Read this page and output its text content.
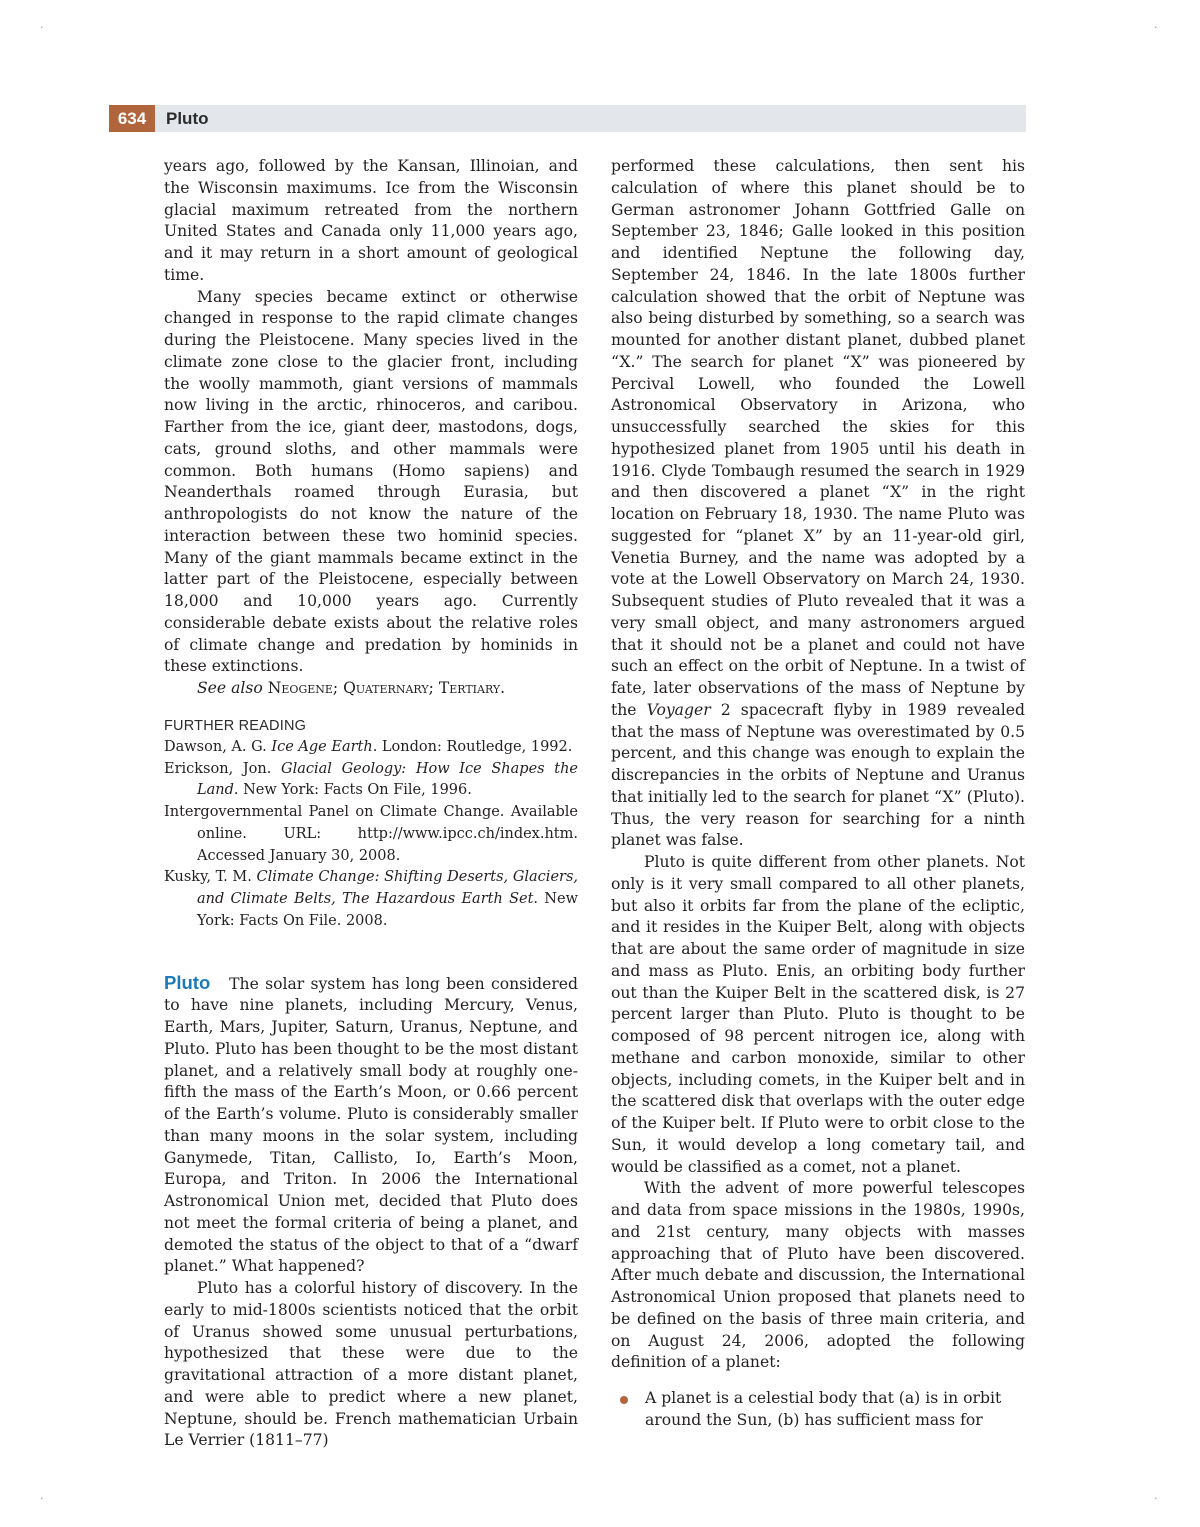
·	·
·	·
634	Pluto

years ago, followed by the Kansan, Illinoian, and the Wisconsin maximums. Ice from the Wisconsin glacial maximum retreated from the northern United States and Canada only 11,000 years ago, and it may return in a short amount of geological time.

Many species became extinct or otherwise changed in response to the rapid climate changes during the Pleistocene. Many species lived in the climate zone close to the glacier front, including the woolly mammoth, giant versions of mammals now living in the arctic, rhinoceros, and caribou. Farther from the ice, giant deer, mastodons, dogs, cats, ground sloths, and other mammals were common. Both humans (Homo sapiens) and Neanderthals roamed through Eurasia, but anthropologists do not know the nature of the interaction between these two hominid species. Many of the giant mammals became extinct in the latter part of the Pleistocene, especially between 18,000 and 10,000 years ago. Currently considerable debate exists about the relative roles of climate change and predation by hominids in these extinctions.

See also Neogene; Quaternary; Tertiary.

FURTHER READING

Dawson, A. G. Ice Age Earth. London: Routledge, 1992.

Erickson, Jon. Glacial Geology: How Ice Shapes the Land. New York: Facts On File, 1996.

Intergovernmental Panel on Climate Change. Available online. URL: http://www.ipcc.ch/index.htm. Accessed January 30, 2008.

Kusky, T. M. Climate Change: Shifting Deserts, Glaciers, and Climate Belts, The Hazardous Earth Set. New York: Facts On File. 2008.

Pluto The solar system has long been considered to have nine planets, including Mercury, Venus, Earth, Mars, Jupiter, Saturn, Uranus, Neptune, and Pluto. Pluto has been thought to be the most distant planet, and a relatively small body at roughly one-fifth the mass of the Earth’s Moon, or 0.66 percent of the Earth’s volume. Pluto is considerably smaller than many moons in the solar system, including Ganymede, Titan, Callisto, Io, Earth’s Moon, Europa, and Triton. In 2006 the International Astronomical Union met, decided that Pluto does not meet the formal criteria of being a planet, and demoted the status of the object to that of a “dwarf planet.” What happened?

Pluto has a colorful history of discovery. In the early to mid-1800s scientists noticed that the orbit of Uranus showed some unusual perturbations, hypothesized that these were due to the gravitational attraction of a more distant planet, and were able to predict where a new planet, Neptune, should be. French mathematician Urbain Le Verrier (1811–77)

performed these calculations, then sent his calculation of where this planet should be to German astronomer Johann Gottfried Galle on September 23, 1846; Galle looked in this position and identified Neptune the following day, September 24, 1846. In the late 1800s further calculation showed that the orbit of Neptune was also being disturbed by something, so a search was mounted for another distant planet, dubbed planet “X.” The search for planet “X” was pioneered by Percival Lowell, who founded the Lowell Astronomical Observatory in Arizona, who unsuccessfully searched the skies for this hypothesized planet from 1905 until his death in 1916. Clyde Tombaugh resumed the search in 1929 and then discovered a planet “X” in the right location on February 18, 1930. The name Pluto was suggested for “planet X” by an 11-year-old girl, Venetia Burney, and the name was adopted by a vote at the Lowell Observatory on March 24, 1930. Subsequent studies of Pluto revealed that it was a very small object, and many astronomers argued that it should not be a planet and could not have such an effect on the orbit of Neptune. In a twist of fate, later observations of the mass of Neptune by the Voyager 2 spacecraft flyby in 1989 revealed that the mass of Neptune was overestimated by 0.5 percent, and this change was enough to explain the discrepancies in the orbits of Neptune and Uranus that initially led to the search for planet “X” (Pluto). Thus, the very reason for searching for a ninth planet was false.

Pluto is quite different from other planets. Not only is it very small compared to all other planets, but also it orbits far from the plane of the ecliptic, and it resides in the Kuiper Belt, along with objects that are about the same order of magnitude in size and mass as Pluto. Enis, an orbiting body further out than the Kuiper Belt in the scattered disk, is 27 percent larger than Pluto. Pluto is thought to be composed of 98 percent nitrogen ice, along with methane and carbon monoxide, similar to other objects, including comets, in the Kuiper belt and in the scattered disk that overlaps with the outer edge of the Kuiper belt. If Pluto were to orbit close to the Sun, it would develop a long cometary tail, and would be classified as a comet, not a planet.

With the advent of more powerful telescopes and data from space missions in the 1980s, 1990s, and 21st century, many objects with masses approaching that of Pluto have been discovered. After much debate and discussion, the International Astronomical Union proposed that planets need to be defined on the basis of three main criteria, and on August 24, 2006, adopted the following definition of a planet:

A planet is a celestial body that (a) is in orbit around the Sun, (b) has sufficient mass for
